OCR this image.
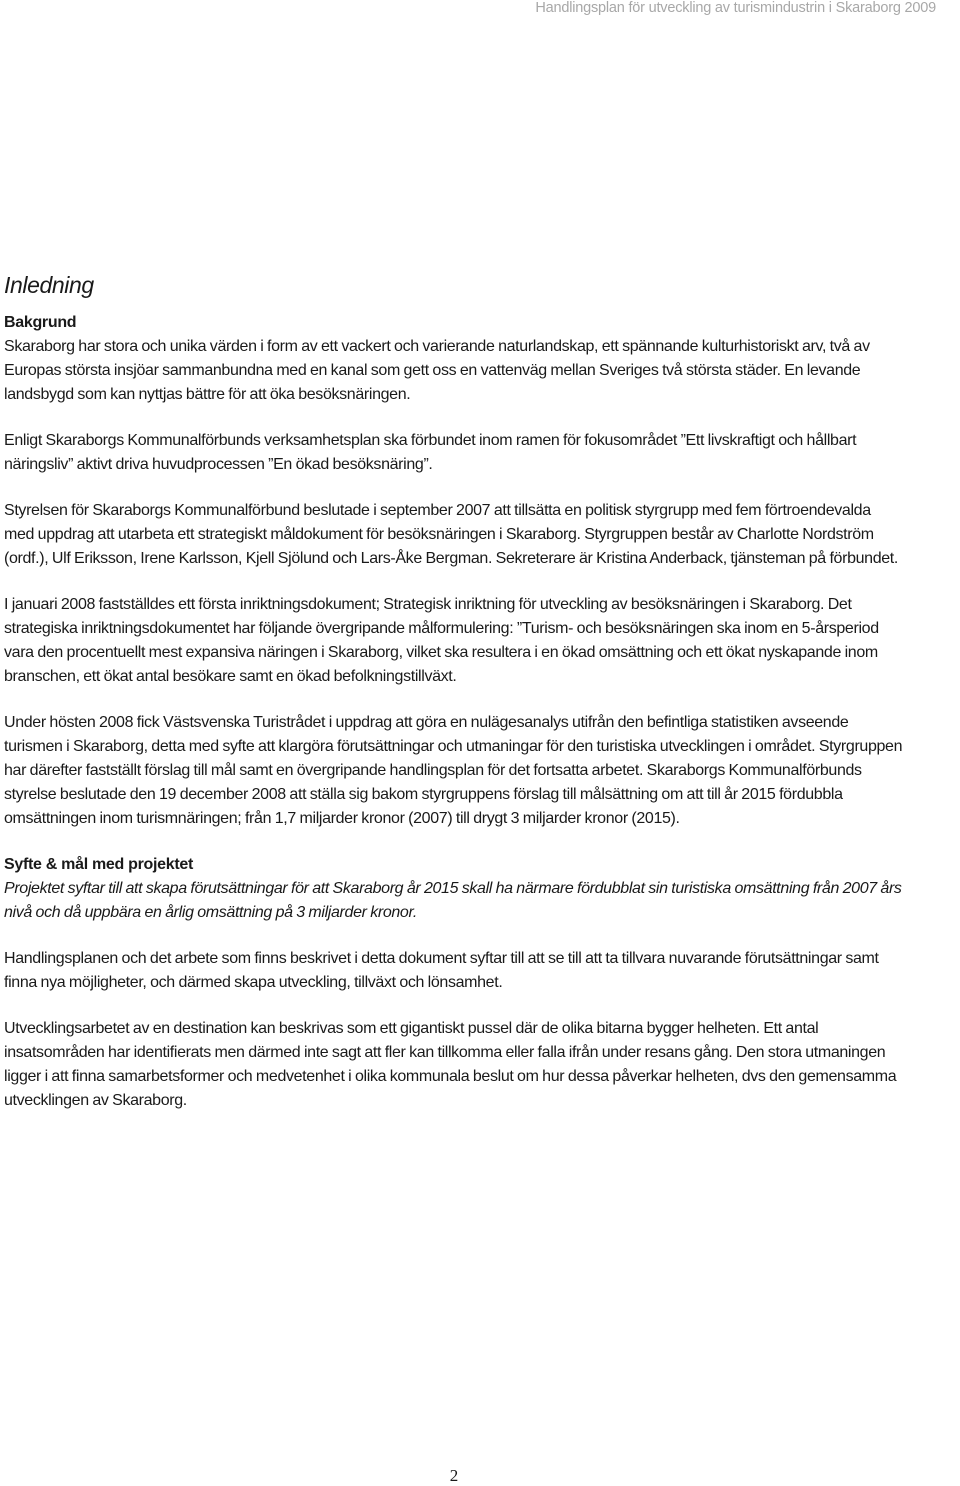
Handlingsplan för utveckling av turismindustrin i Skaraborg 2009
Inledning
Bakgrund

Skaraborg har stora och unika värden i form av ett vackert och varierande naturlandskap, ett spännande kulturhistoriskt arv, två av Europas största insjöar sammanbundna med en kanal som gett oss en vattenväg mellan Sveriges två största städer. En levande landsbygd som kan nyttjas bättre för att öka besöksnäringen.

Enligt Skaraborgs Kommunalförbunds verksamhetsplan ska förbundet inom ramen för fokusområdet ”Ett livskraftigt och hållbart näringsliv” aktivt driva huvudprocessen ”En ökad besöksnäring”.

Styrelsen för Skaraborgs Kommunalförbund beslutade i september 2007 att tillsätta en politisk styrgrupp med fem förtroendevalda med uppdrag att utarbeta ett strategiskt måldokument för besöksnäringen i Skaraborg. Styrgruppen består av Charlotte Nordström (ordf.), Ulf Eriksson, Irene Karlsson, Kjell Sjölund och Lars-Åke Bergman. Sekreterare är Kristina Anderback, tjänsteman på förbundet.

I januari 2008 fastställdes ett första inriktningsdokument; Strategisk inriktning för utveckling av besöksnäringen i Skaraborg. Det strategiska inriktningsdokumentet har följande övergripande målformulering: ”Turism- och besöksnäringen ska inom en 5-årsperiod vara den procentuellt mest expansiva näringen i Skaraborg, vilket ska resultera i en ökad omsättning och ett ökat nyskapande inom branschen, ett ökat antal besökare samt en ökad befolkningstillväxt.

Under hösten 2008 fick Västsvenska Turistrådet i uppdrag att göra en nulägesanalys utifrån den befintliga statistiken avseende turismen i Skaraborg, detta med syfte att klargöra förutsättningar och utmaningar för den turistiska utvecklingen i området. Styrgruppen har därefter fastställt förslag till mål samt en övergripande handlingsplan för det fortsatta arbetet. Skaraborgs Kommunalförbunds styrelse beslutade den 19 december 2008 att ställa sig bakom styrgruppens förslag till målsättning om att till år 2015 fördubbla omsättningen inom turismnäringen; från 1,7 miljarder kronor (2007) till drygt 3 miljarder kronor (2015).

Syfte & mål med projektet

Projektet syftar till att skapa förutsättningar för att Skaraborg år 2015 skall ha närmare fördubblat sin turistiska omsättning från 2007 års nivå och då uppbära en årlig omsättning på 3 miljarder kronor.

Handlingsplanen och det arbete som finns beskrivet i detta dokument syftar till att se till att ta tillvara nuvarande förutsättningar samt finna nya möjligheter, och därmed skapa utveckling, tillväxt och lönsamhet.

Utvecklingsarbetet av en destination kan beskrivas som ett gigantiskt pussel där de olika bitarna bygger helheten. Ett antal insatsområden har identifierats men därmed inte sagt att fler kan tillkomma eller falla ifrån under resans gång. Den stora utmaningen ligger i att finna samarbetsformer och medvetenhet i olika kommunala beslut om hur dessa påverkar helheten, dvs den gemensamma utvecklingen av Skaraborg.

2
